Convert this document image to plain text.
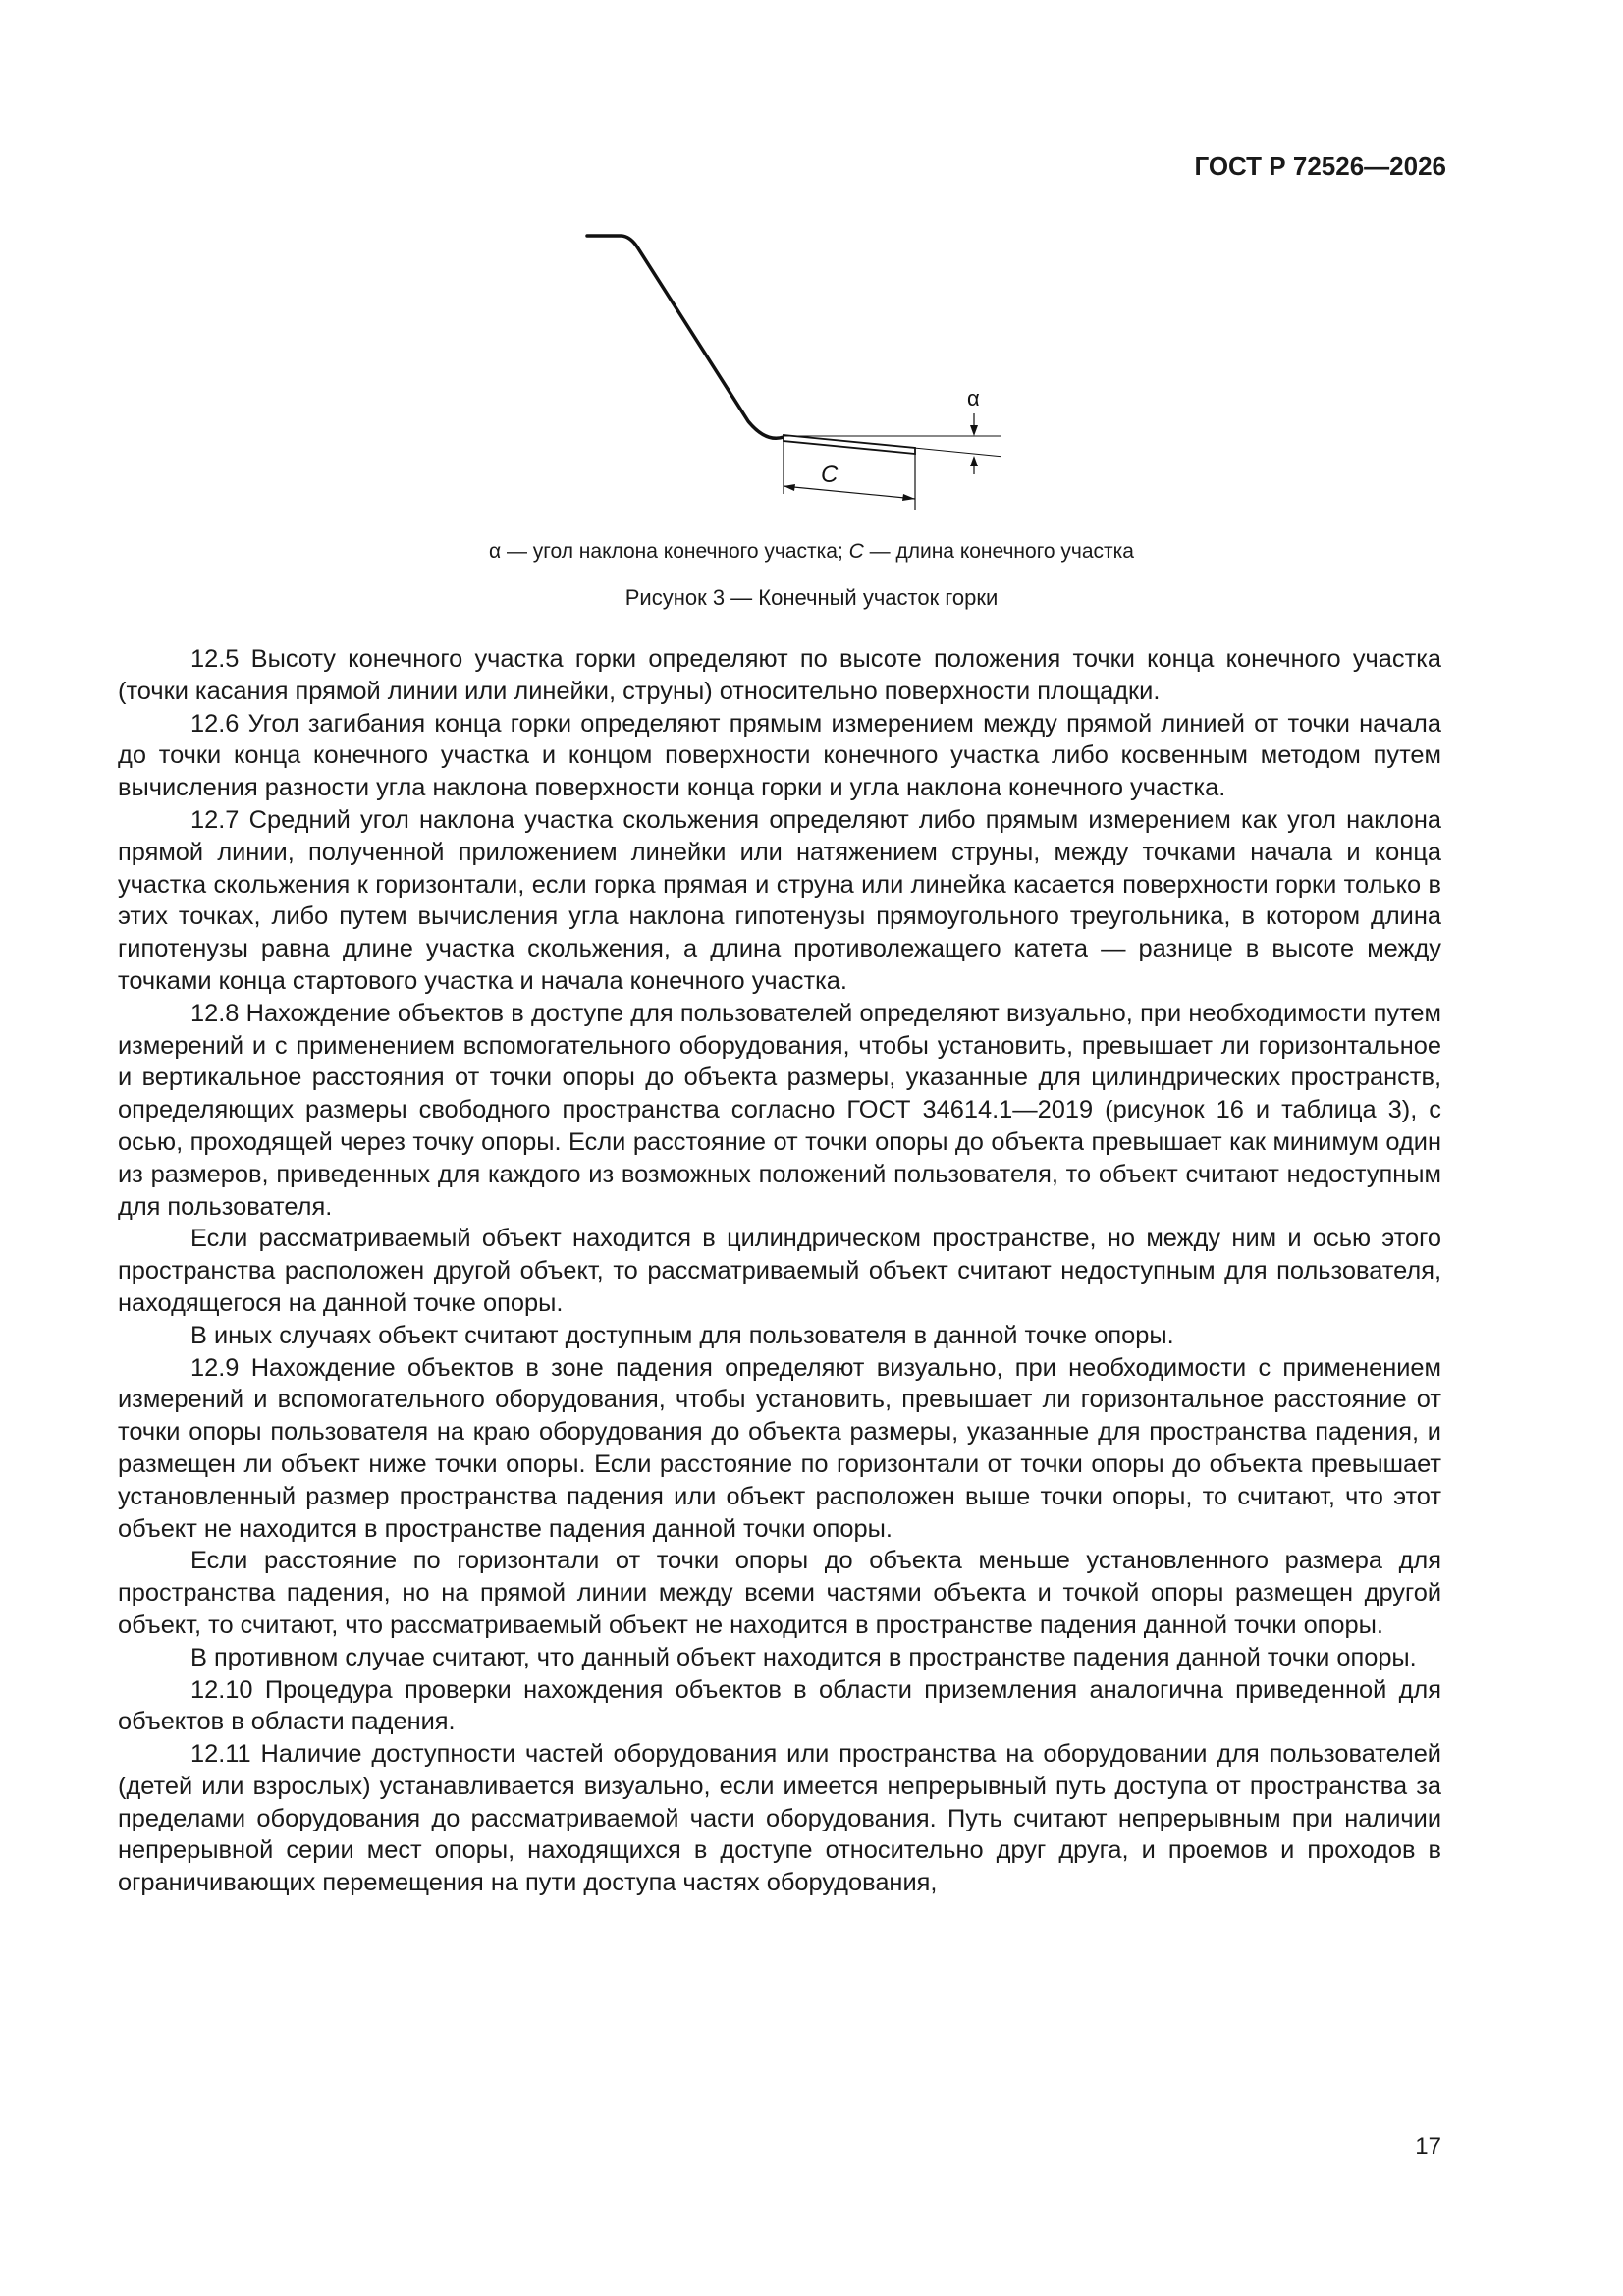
ГОСТ Р 72526—2026
α
C
α — угол наклона конечного участка; C — длина конечного участка
Рисунок 3 — Конечный участок горки

12.5 Высоту конечного участка горки определяют по высоте положения точки конца конечного участка (точки касания прямой линии или линейки, струны) относительно поверхности площадки.

12.6 Угол загибания конца горки определяют прямым измерением между прямой линией от точки начала до точки конца конечного участка и концом поверхности конечного участка либо косвенным методом путем вычисления разности угла наклона поверхности конца горки и угла наклона конечного участка.

12.7 Средний угол наклона участка скольжения определяют либо прямым измерением как угол наклона прямой линии, полученной приложением линейки или натяжением струны, между точками начала и конца участка скольжения к горизонтали, если горка прямая и струна или линейка касается поверхности горки только в этих точках, либо путем вычисления угла наклона гипотенузы прямоугольного треугольника, в котором длина гипотенузы равна длине участка скольжения, а длина противолежащего катета — разнице в высоте между точками конца стартового участка и начала конечного участка.

12.8 Нахождение объектов в доступе для пользователей определяют визуально, при необходимости путем измерений и с применением вспомогательного оборудования, чтобы установить, превышает ли горизонтальное и вертикальное расстояния от точки опоры до объекта размеры, указанные для цилиндрических пространств, определяющих размеры свободного пространства согласно ГОСТ 34614.1—2019 (рисунок 16 и таблица 3), с осью, проходящей через точку опоры. Если расстояние от точки опоры до объекта превышает как минимум один из размеров, приведенных для каждого из возможных положений пользователя, то объект считают недоступным для пользователя.

Если рассматриваемый объект находится в цилиндрическом пространстве, но между ним и осью этого пространства расположен другой объект, то рассматриваемый объект считают недоступным для пользователя, находящегося на данной точке опоры.

В иных случаях объект считают доступным для пользователя в данной точке опоры.

12.9 Нахождение объектов в зоне падения определяют визуально, при необходимости с применением измерений и вспомогательного оборудования, чтобы установить, превышает ли горизонтальное расстояние от точки опоры пользователя на краю оборудования до объекта размеры, указанные для пространства падения, и размещен ли объект ниже точки опоры. Если расстояние по горизонтали от точки опоры до объекта превышает установленный размер пространства падения или объект расположен выше точки опоры, то считают, что этот объект не находится в пространстве падения данной точки опоры.

Если расстояние по горизонтали от точки опоры до объекта меньше установленного размера для пространства падения, но на прямой линии между всеми частями объекта и точкой опоры размещен другой объект, то считают, что рассматриваемый объект не находится в пространстве падения данной точки опоры.

В противном случае считают, что данный объект находится в пространстве падения данной точки опоры.

12.10 Процедура проверки нахождения объектов в области приземления аналогична приведенной для объектов в области падения.

12.11 Наличие доступности частей оборудования или пространства на оборудовании для пользователей (детей или взрослых) устанавливается визуально, если имеется непрерывный путь доступа от пространства за пределами оборудования до рассматриваемой части оборудования. Путь считают непрерывным при наличии непрерывной серии мест опоры, находящихся в доступе относительно друг друга, и проемов и проходов в ограничивающих перемещения на пути доступа частях оборудования,

17
